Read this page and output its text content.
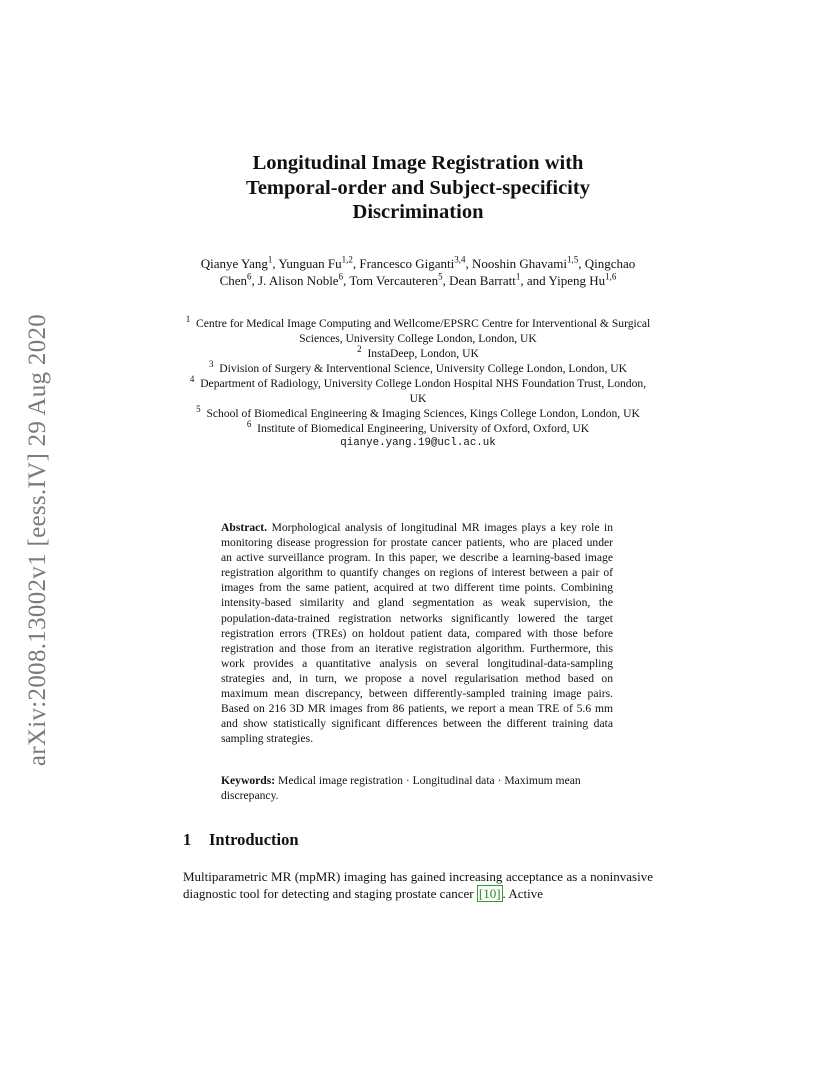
arXiv:2008.13002v1 [eess.IV] 29 Aug 2020
Longitudinal Image Registration with
Temporal-order and Subject-specificity
Discrimination
Qianye Yang$^1$, Yunguan Fu$^{1,2}$, Francesco Giganti$^{3,4}$, Nooshin Ghavami$^{1,5}$, Qingchao Chen$^6$, J. Alison Noble$^6$, Tom Vercauteren$^5$, Dean Barratt$^1$, and Yipeng Hu$^{1,6}$
$^1$  Centre for Medical Image Computing and Wellcome/EPSRC Centre for Interventional & Surgical Sciences, University College London, London, UK
$^2$  InstaDeep, London, UK
$^3$  Division of Surgery & Interventional Science, University College London, London, UK
$^4$  Department of Radiology, University College London Hospital NHS Foundation Trust, London, UK
$^5$  School of Biomedical Engineering & Imaging Sciences, Kings College London, London, UK
$^6$  Institute of Biomedical Engineering, University of Oxford, Oxford, UK
qianye.yang.19@ucl.ac.uk
Abstract. Morphological analysis of longitudinal MR images plays a key role in monitoring disease progression for prostate cancer patients, who are placed under an active surveillance program. In this paper, we describe a learning-based image registration algorithm to quantify changes on regions of interest between a pair of images from the same patient, acquired at two different time points. Combining intensity-based similarity and gland segmentation as weak supervision, the population-data-trained registration networks significantly lowered the target registration errors (TREs) on holdout patient data, compared with those before registration and those from an iterative registration algorithm. Furthermore, this work provides a quantitative analysis on several longitudinal-data-sampling strategies and, in turn, we propose a novel regularisation method based on maximum mean discrepancy, between differently-sampled training image pairs. Based on 216 3D MR images from 86 patients, we report a mean TRE of 5.6 mm and show statistically significant differences between the different training data sampling strategies.
Keywords: Medical image registration · Longitudinal data · Maximum mean discrepancy.
1 Introduction
Multiparametric MR (mpMR) imaging has gained increasing acceptance as a noninvasive diagnostic tool for detecting and staging prostate cancer [10] . Active
